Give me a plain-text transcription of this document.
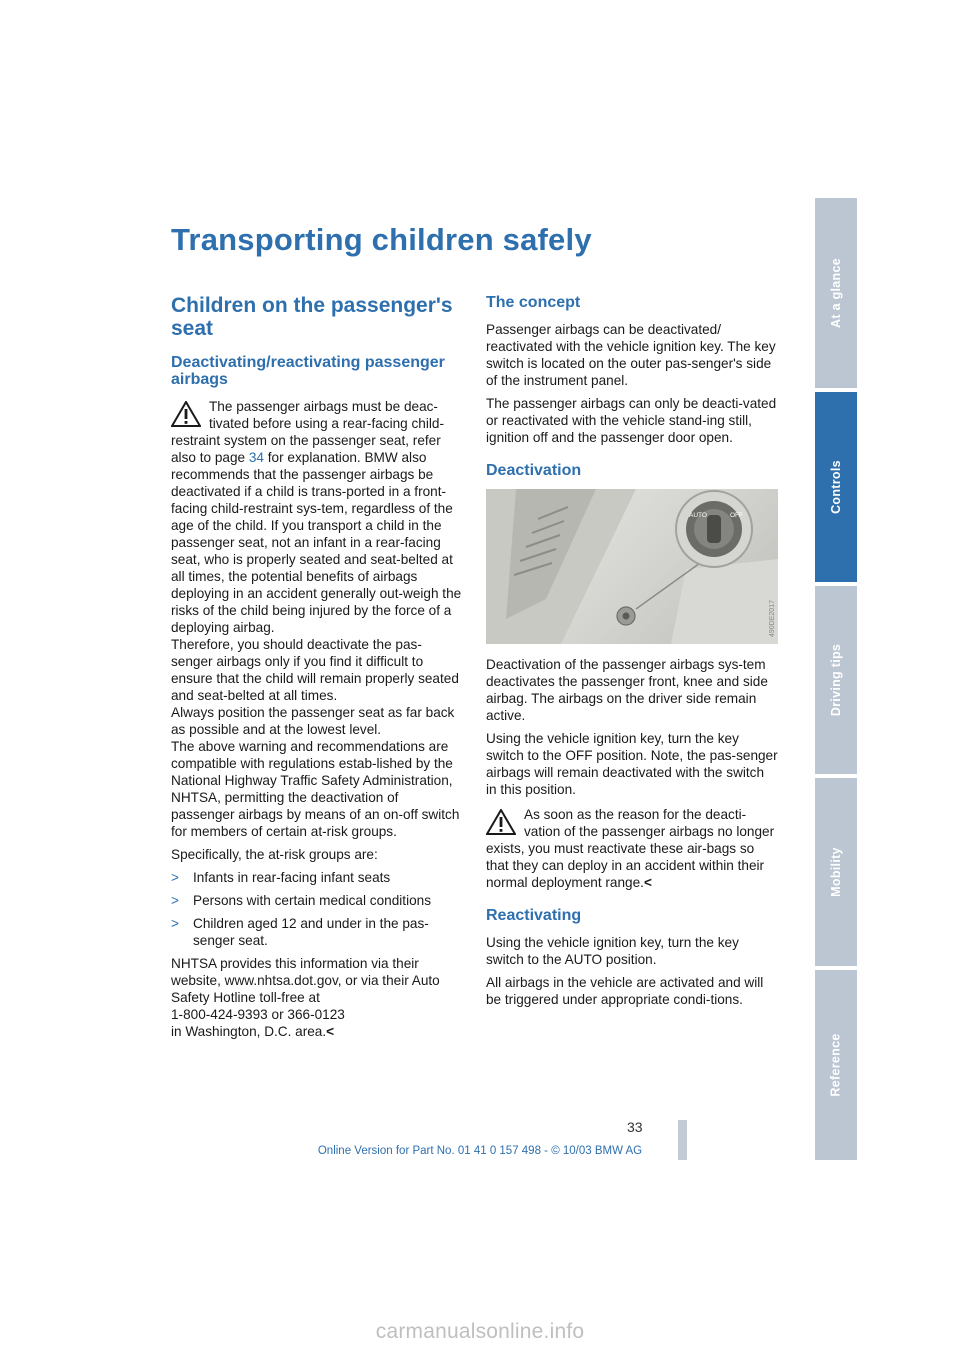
Transporting children safely
Children on the passenger's seat
Deactivating/reactivating passenger airbags

The passenger airbags must be deac-tivated before using a rear-facing child-restraint system on the passenger seat, refer also to page 34 for explanation. BMW also recommends that the passenger airbags be deactivated if a child is trans-ported in a front-facing child-restraint sys-tem, regardless of the age of the child. If you transport a child in the passenger seat, not an infant in a rear-facing seat, who is properly seated and seat-belted at all times, the potential benefits of airbags deploying in an accident generally out-weigh the risks of the child being injured by the force of a deploying airbag.

Therefore, you should deactivate the pas-senger airbags only if you find it difficult to ensure that the child will remain properly seated and seat-belted at all times.

Always position the passenger seat as far back as possible and at the lowest level.

The above warning and recommendations are compatible with regulations estab-lished by the National Highway Traffic Safety Administration, NHTSA, permitting the deactivation of passenger airbags by means of an on-off switch for members of certain at-risk groups.

Specifically, the at-risk groups are:

> Infants in rear-facing infant seats
> Persons with certain medical conditions
> Children aged 12 and under in the pas-senger seat.

NHTSA provides this information via their website, www.nhtsa.dot.gov, or via their Auto Safety Hotline toll-free at

1-800-424-9393 or 366-0123

in Washington, D.C. area.<

The concept

Passenger airbags can be deactivated/ reactivated with the vehicle ignition key. The key switch is located on the outer pas-senger's side of the instrument panel.

The passenger airbags can only be deacti-vated or reactivated with the vehicle stand-ing still, ignition off and the passenger door open.

Deactivation
AUTO	OFF
490DE2017

Deactivation of the passenger airbags sys-tem deactivates the passenger front, knee and side airbag. The airbags on the driver side remain active.

Using the vehicle ignition key, turn the key switch to the OFF position. Note, the pas-senger airbags will remain deactivated with the switch in this position.

As soon as the reason for the deacti-vation of the passenger airbags no longer exists, you must reactivate these air-bags so that they can deploy in an accident within their normal deployment range.<

Reactivating

Using the vehicle ignition key, turn the key switch to the AUTO position.

All airbags in the vehicle are activated and will be triggered under appropriate condi-tions.

At a glance
Controls
Driving tips
Mobility
Reference
33
Online Version for Part No. 01 41 0 157 498 - © 10/03 BMW AG
carmanualsonline.info
